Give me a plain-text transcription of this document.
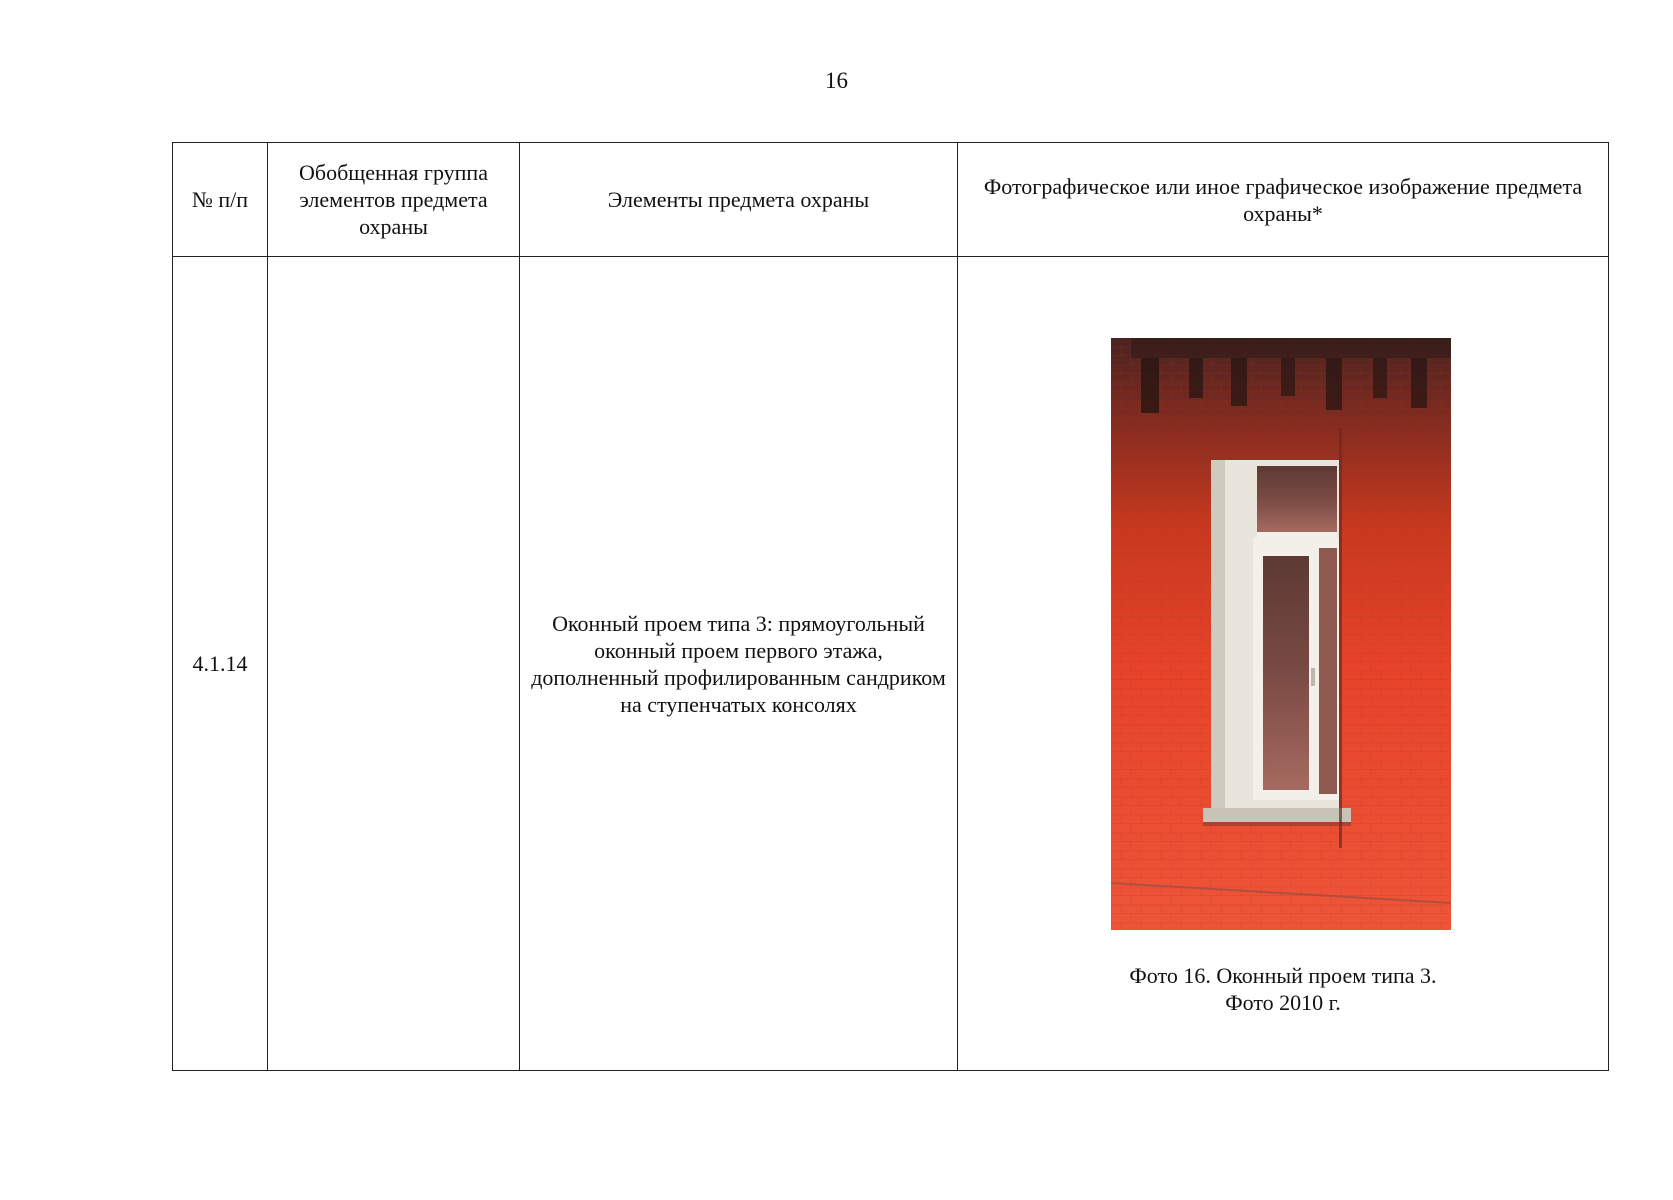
16
№ п/п	Обобщенная группа элементов предмета охраны	Элементы предмета охраны	Фотографическое или иное графическое изображение предмета охраны*

4.1.14		Оконный проем типа 3: прямоугольный оконный проем первого этажа, дополненный профилированным сандриком на ступенчатых консолях	Фото 16. Оконный проем типа 3.
Фото 2010 г.
